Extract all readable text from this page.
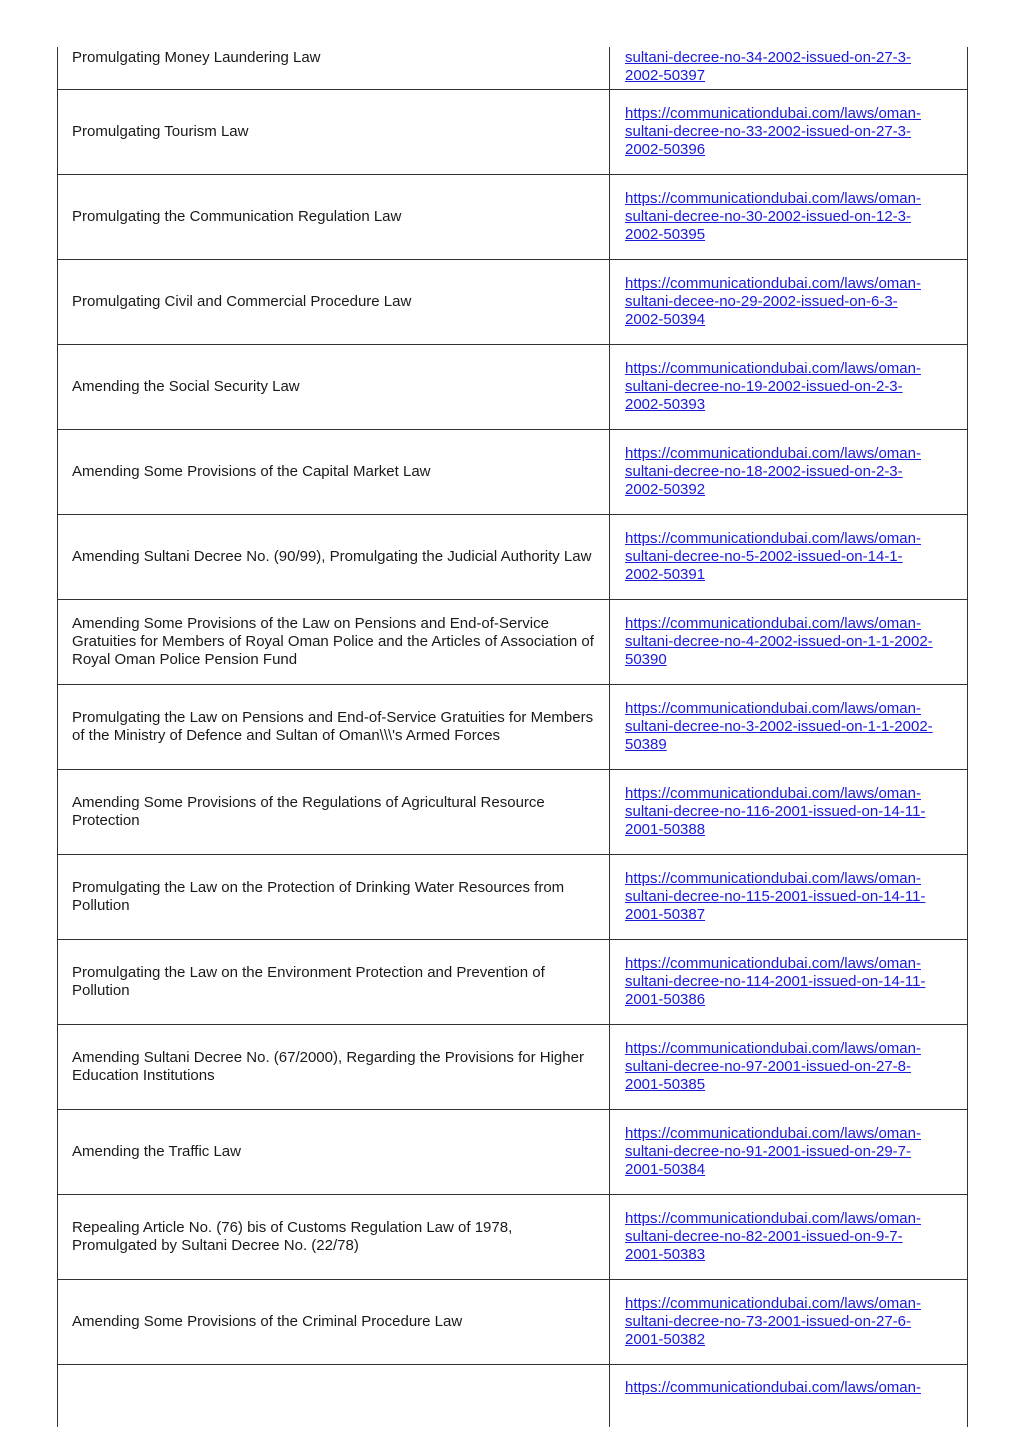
Promulgating Money Laundering Law	sultani-decree-no-34-2002-issued-on-27-3-
2002-50397
Promulgating Tourism Law	https://communicationdubai.com/laws/oman-
sultani-decree-no-33-2002-issued-on-27-3-
2002-50396
Promulgating the Communication Regulation Law	https://communicationdubai.com/laws/oman-
sultani-decree-no-30-2002-issued-on-12-3-
2002-50395
Promulgating Civil and Commercial Procedure Law	https://communicationdubai.com/laws/oman-
sultani-decee-no-29-2002-issued-on-6-3-
2002-50394
Amending the Social Security Law	https://communicationdubai.com/laws/oman-
sultani-decree-no-19-2002-issued-on-2-3-
2002-50393
Amending Some Provisions of the Capital Market Law	https://communicationdubai.com/laws/oman-
sultani-decree-no-18-2002-issued-on-2-3-
2002-50392
Amending Sultani Decree No. (90/99), Promulgating the Judicial Authority Law	https://communicationdubai.com/laws/oman-
sultani-decree-no-5-2002-issued-on-14-1-
2002-50391
Amending Some Provisions of the Law on Pensions and End-of-Service Gratuities for Members of Royal Oman Police and the Articles of Association of Royal Oman Police Pension Fund	https://communicationdubai.com/laws/oman-
sultani-decree-no-4-2002-issued-on-1-1-2002-
50390
Promulgating the Law on Pensions and End-of-Service Gratuities for Members of the Ministry of Defence and Sultan of Oman\\\'s Armed Forces	https://communicationdubai.com/laws/oman-
sultani-decree-no-3-2002-issued-on-1-1-2002-
50389
Amending Some Provisions of the Regulations of Agricultural Resource Protection	https://communicationdubai.com/laws/oman-
sultani-decree-no-116-2001-issued-on-14-11-
2001-50388
Promulgating the Law on the Protection of Drinking Water Resources from Pollution	https://communicationdubai.com/laws/oman-
sultani-decree-no-115-2001-issued-on-14-11-
2001-50387
Promulgating the Law on the Environment Protection and Prevention of Pollution	https://communicationdubai.com/laws/oman-
sultani-decree-no-114-2001-issued-on-14-11-
2001-50386
Amending Sultani Decree No. (67/2000), Regarding the Provisions for Higher Education Institutions	https://communicationdubai.com/laws/oman-
sultani-decree-no-97-2001-issued-on-27-8-
2001-50385
Amending the Traffic Law	https://communicationdubai.com/laws/oman-
sultani-decree-no-91-2001-issued-on-29-7-
2001-50384
Repealing Article No. (76) bis of Customs Regulation Law of 1978, Promulgated by Sultani Decree No. (22/78)	https://communicationdubai.com/laws/oman-
sultani-decree-no-82-2001-issued-on-9-7-
2001-50383
Amending Some Provisions of the Criminal Procedure Law	https://communicationdubai.com/laws/oman-
sultani-decree-no-73-2001-issued-on-27-6-
2001-50382
	https://communicationdubai.com/laws/oman-
